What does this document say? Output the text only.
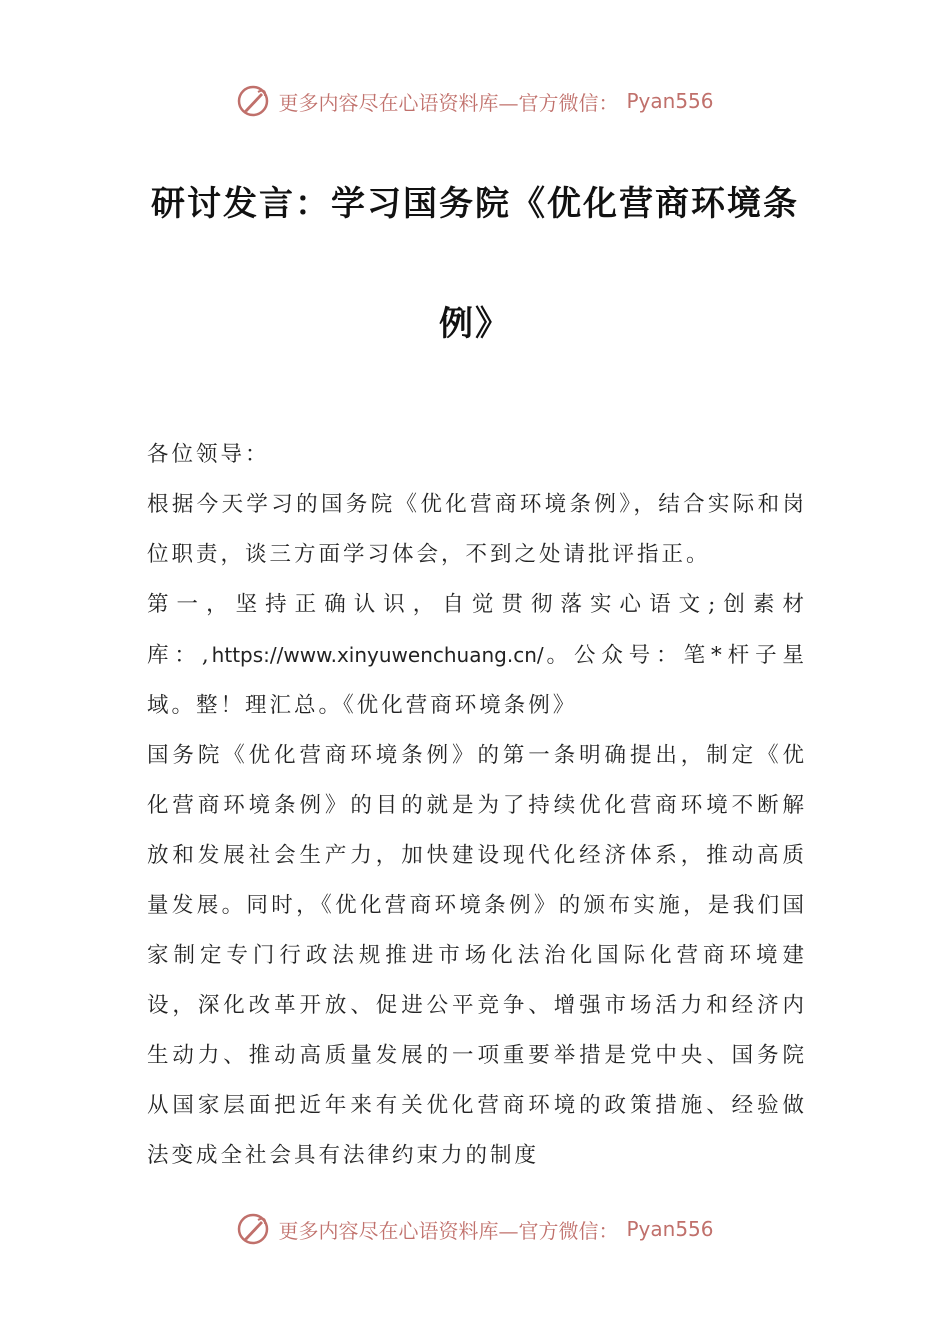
更多内容尽在心语资料库—官方微信： Pyan556
研讨发言：学习国务院《优化营商环境条
例》

各位领导：

根据今天学习的国务院《优化营商环境条例》，结合实际和岗位职责，谈三方面学习体会，不到之处请批评指正。

第一，坚持正确认识，自觉贯彻落实心语文;创素材库：,https://www.xinyuwenchuang.cn/。公众号：笔*杆子星域。整！理汇总。《优化营商环境条例》

国务院《优化营商环境条例》的第一条明确提出，制定《优化营商环境条例》的目的就是为了持续优化营商环境不断解放和发展社会生产力，加快建设现代化经济体系，推动高质量发展。同时，《优化营商环境条例》的颁布实施，是我们国家制定专门行政法规推进市场化法治化国际化营商环境建设，深化改革开放、促进公平竞争、增强市场活力和经济内生动力、推动高质量发展的一项重要举措是党中央、国务院从国家层面把近年来有关优化营商环境的政策措施、经验做法变成全社会具有法律约束力的制度

更多内容尽在心语资料库—官方微信： Pyan556
